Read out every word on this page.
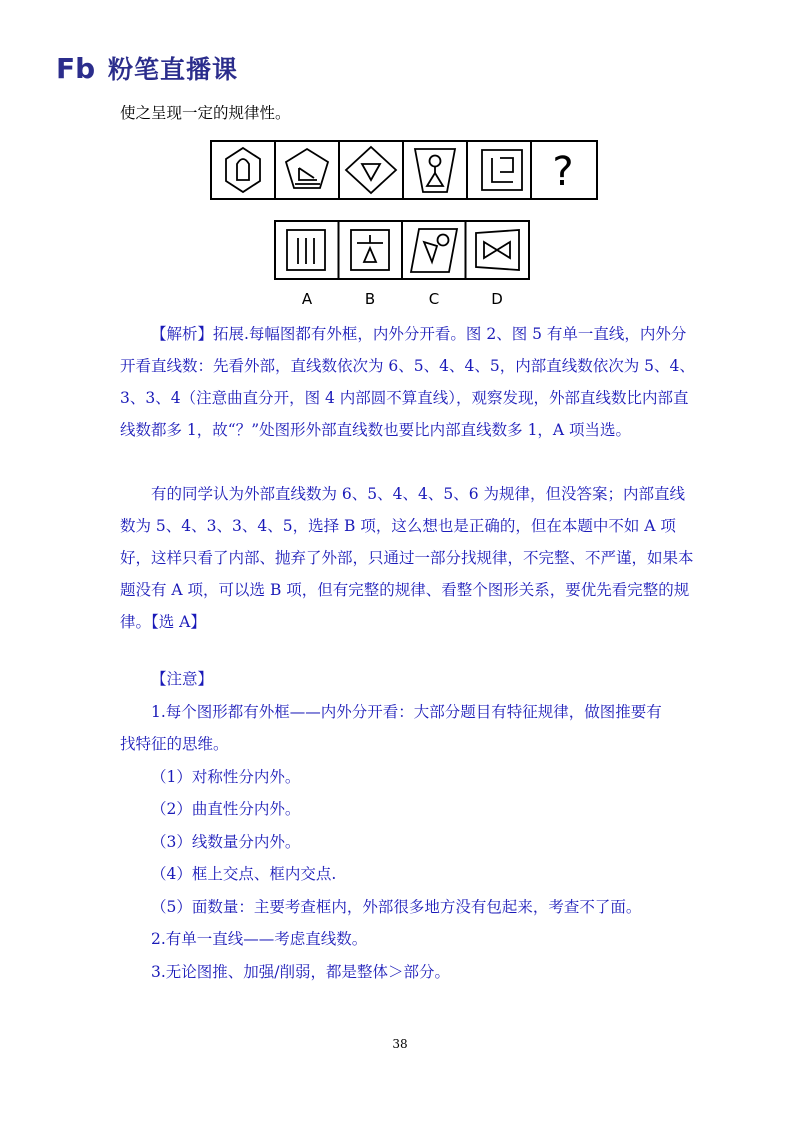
Fb 粉笔直播课
使之呈现一定的规律性。
?
A	B	C	D
【解析】拓展.每幅图都有外框，内外分开看。图 2、图 5 有单一直线，内外分开看直线数：先看外部，直线数依次为 6、5、4、4、5，内部直线数依次为 5、4、3、3、4（注意曲直分开，图 4 内部圆不算直线），观察发现，外部直线数比内部直线数都多 1，故“？”处图形外部直线数也要比内部直线数多 1，A 项当选。
有的同学认为外部直线数为 6、5、4、4、5、6 为规律，但没答案；内部直线数为 5、4、3、3、4、5，选择 B 项，这么想也是正确的，但在本题中不如 A 项好，这样只看了内部、抛弃了外部，只通过一部分找规律，不完整、不严谨，如果本题没有 A 项，可以选 B 项，但有完整的规律、看整个图形关系，要优先看完整的规律。【选 A】
【注意】
1.每个图形都有外框——内外分开看：大部分题目有特征规律，做图推要有
找特征的思维。
（1）对称性分内外。
（2）曲直性分内外。
（3）线数量分内外。
（4）框上交点、框内交点.
（5）面数量：主要考查框内，外部很多地方没有包起来，考查不了面。
2.有单一直线——考虑直线数。
3.无论图推、加强/削弱，都是整体＞部分。
38
